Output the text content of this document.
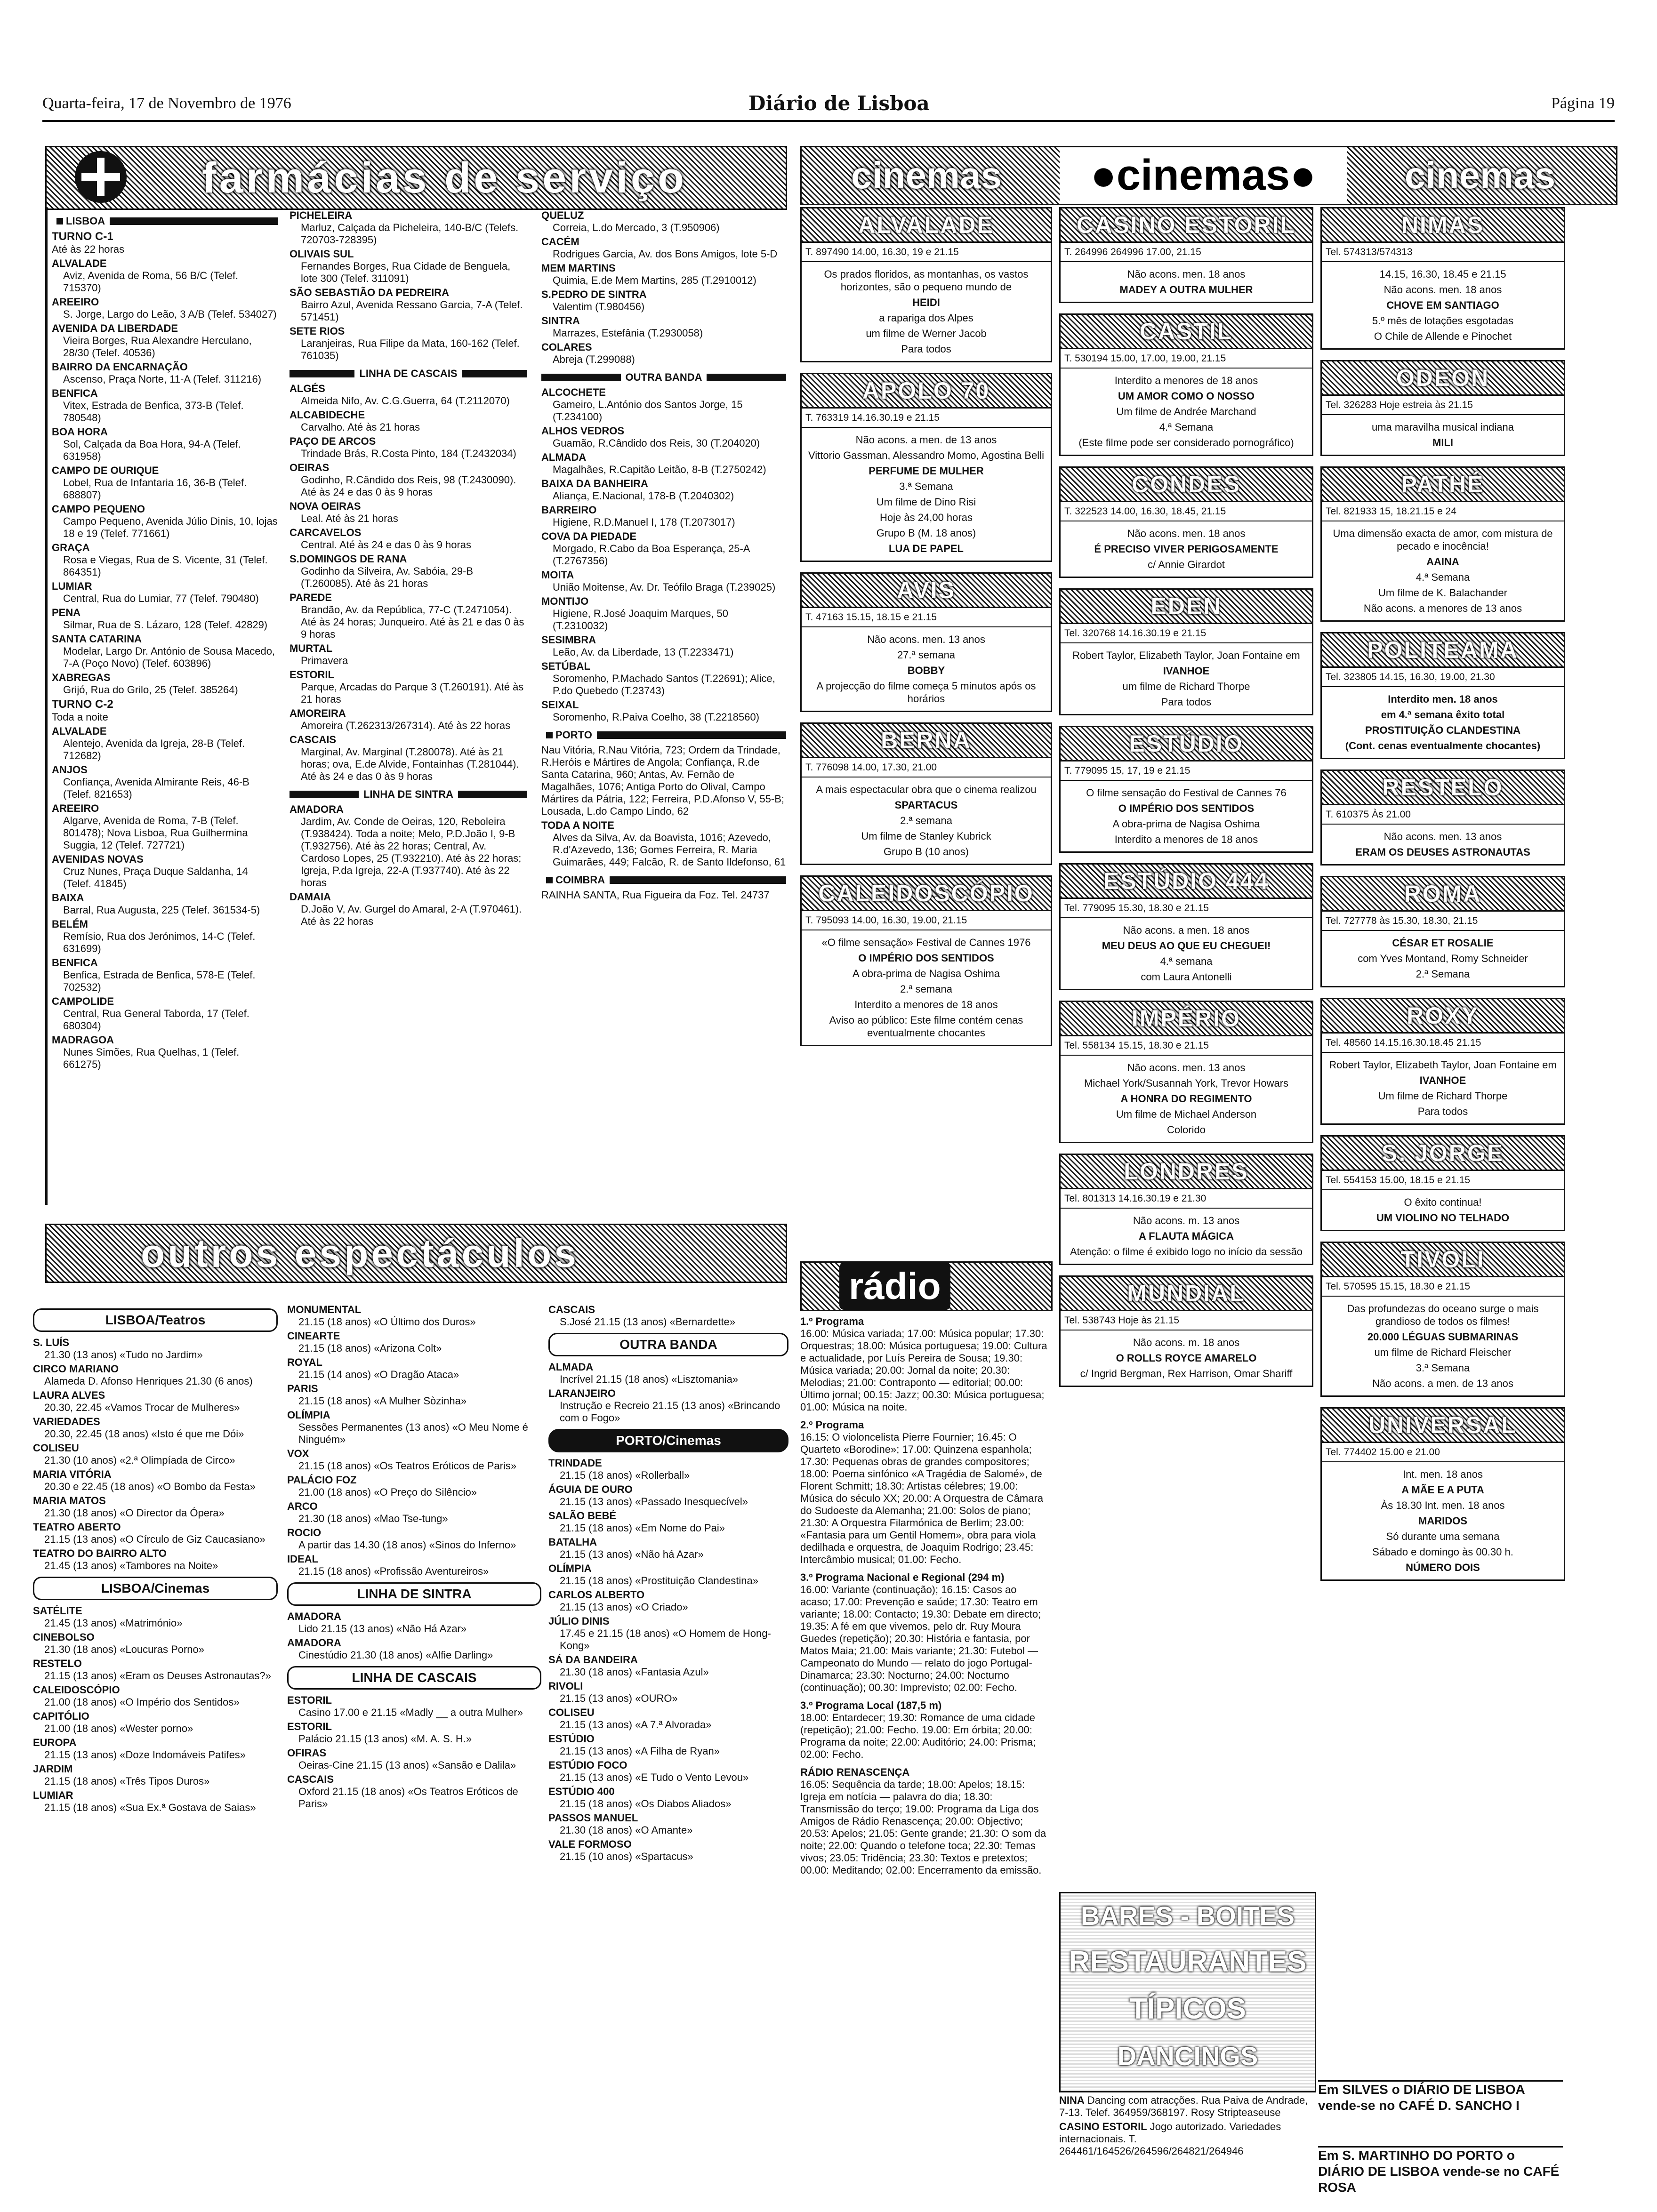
Quarta-feira, 17 de Novembro de 1976	Diário de Lisboa	Página 19
farmácias de serviço
LISBOA
TURNO C-1
Até às 22 horas
ALVALADE
Aviz, Avenida de Roma, 56 B/C (Telef. 715370)
AREEIRO
S. Jorge, Largo do Leão, 3 A/B (Telef. 534027)
AVENIDA DA LIBERDADE
Vieira Borges, Rua Alexandre Herculano, 28/30 (Telef. 40536)
BAIRRO DA ENCARNAÇÃO
Ascenso, Praça Norte, 11-A (Telef. 311216)
BENFICA
Vitex, Estrada de Benfica, 373-B (Telef. 780548)
BOA HORA
Sol, Calçada da Boa Hora, 94-A (Telef. 631958)
CAMPO DE OURIQUE
Lobel, Rua de Infantaria 16, 36-B (Telef. 688807)
CAMPO PEQUENO
Campo Pequeno, Avenida Júlio Dinis, 10, lojas 18 e 19 (Telef. 771661)
GRAÇA
Rosa e Viegas, Rua de S. Vicente, 31 (Telef. 864351)
LUMIAR
Central, Rua do Lumiar, 77 (Telef. 790480)
PENA
Silmar, Rua de S. Lázaro, 128 (Telef. 42829)
SANTA CATARINA
Modelar, Largo Dr. António de Sousa Macedo, 7-A (Poço Novo) (Telef. 603896)
XABREGAS
Grijó, Rua do Grilo, 25 (Telef. 385264)
TURNO C-2
Toda a noite
ALVALADE
Alentejo, Avenida da Igreja, 28-B (Telef. 712682)
ANJOS
Confiança, Avenida Almirante Reis, 46-B (Telef. 821653)
AREEIRO
Algarve, Avenida de Roma, 7-B (Telef. 801478); Nova Lisboa, Rua Guilhermina Suggia, 12 (Telef. 727721)
AVENIDAS NOVAS
Cruz Nunes, Praça Duque Saldanha, 14 (Telef. 41845)
BAIXA
Barral, Rua Augusta, 225 (Telef. 361534-5)
BELÉM
Remísio, Rua dos Jerónimos, 14-C (Telef. 631699)
BENFICA
Benfica, Estrada de Benfica, 578-E (Telef. 702532)
CAMPOLIDE
Central, Rua General Taborda, 17 (Telef. 680304)
MADRAGOA
Nunes Simões, Rua Quelhas, 1 (Telef. 661275)
PICHELEIRA
Marluz, Calçada da Picheleira, 140-B/C (Telefs. 720703-728395)
OLIVAIS SUL
Fernandes Borges, Rua Cidade de Benguela, lote 300 (Telef. 311091)
SÃO SEBASTIÃO DA PEDREIRA
Bairro Azul, Avenida Ressano Garcia, 7-A (Telef. 571451)
SETE RIOS
Laranjeiras, Rua Filipe da Mata, 160-162 (Telef. 761035)
LINHA DE CASCAIS
ALGÉS
Almeida Nifo, Av. C.G.Guerra, 64 (T.2112070)
ALCABIDECHE
Carvalho. Até às 21 horas
PAÇO DE ARCOS
Trindade Brás, R.Costa Pinto, 184 (T.2432034)
OEIRAS
Godinho, R.Cândido dos Reis, 98 (T.2430090). Até às 24 e das 0 às 9 horas
NOVA OEIRAS
Leal. Até às 21 horas
CARCAVELOS
Central. Até às 24 e das 0 às 9 horas
S.DOMINGOS DE RANA
Godinho da Silveira, Av. Sabóia, 29-B (T.260085). Até às 21 horas
PAREDE
Brandão, Av. da República, 77-C (T.2471054). Até às 24 horas; Junqueiro. Até às 21 e das 0 às 9 horas
MURTAL
Primavera
ESTORIL
Parque, Arcadas do Parque 3 (T.260191). Até às 21 horas
AMOREIRA
Amoreira (T.262313/267314). Até às 22 horas
CASCAIS
Marginal, Av. Marginal (T.280078). Até às 21 horas; ova, E.de Alvide, Fontainhas (T.281044). Até às 24 e das 0 às 9 horas
LINHA DE SINTRA
AMADORA
Jardim, Av. Conde de Oeiras, 120, Reboleira (T.938424). Toda a noite; Melo, P.D.João I, 9-B (T.932756). Até às 22 horas; Central, Av. Cardoso Lopes, 25 (T.932210). Até às 22 horas; Igreja, P.da Igreja, 22-A (T.937740). Até às 22 horas
DAMAIA
D.João V, Av. Gurgel do Amaral, 2-A (T.970461). Até às 22 horas
QUELUZ
Correia, L.do Mercado, 3 (T.950906)
CACÉM
Rodrigues Garcia, Av. dos Bons Amigos, lote 5-D
MEM MARTINS
Quimia, E.de Mem Martins, 285 (T.2910012)
S.PEDRO DE SINTRA
Valentim (T.980456)
SINTRA
Marrazes, Estefânia (T.2930058)
COLARES
Abreja (T.299088)
OUTRA BANDA
ALCOCHETE
Gameiro, L.António dos Santos Jorge, 15 (T.234100)
ALHOS VEDROS
Guamão, R.Cândido dos Reis, 30 (T.204020)
ALMADA
Magalhães, R.Capitão Leitão, 8-B (T.2750242)
BAIXA DA BANHEIRA
Aliança, E.Nacional, 178-B (T.2040302)
BARREIRO
Higiene, R.D.Manuel I, 178 (T.2073017)
COVA DA PIEDADE
Morgado, R.Cabo da Boa Esperança, 25-A (T.2767356)
MOITA
União Moitense, Av. Dr. Teófilo Braga (T.239025)
MONTIJO
Higiene, R.José Joaquim Marques, 50 (T.2310032)
SESIMBRA
Leão, Av. da Liberdade, 13 (T.2233471)
SETÚBAL
Soromenho, P.Machado Santos (T.22691); Alice, P.do Quebedo (T.23743)
SEIXAL
Soromenho, R.Paiva Coelho, 38 (T.2218560)
PORTO
Nau Vitória, R.Nau Vitória, 723; Ordem da Trindade, R.Heróis e Mártires de Angola; Confiança, R.de Santa Catarina, 960; Antas, Av. Fernão de Magalhães, 1076; Antiga Porto do Olival, Campo Mártires da Pátria, 122; Ferreira, P.D.Afonso V, 55-B; Lousada, L.do Campo Lindo, 62
TODA A NOITE
Alves da Silva, Av. da Boavista, 1016; Azevedo, R.d'Azevedo, 136; Gomes Ferreira, R. Maria Guimarães, 449; Falcão, R. de Santo Ildefonso, 61
COIMBRA
RAINHA SANTA, Rua Figueira da Foz. Tel. 24737
outros espectáculos
LISBOA/Teatros
S. LUÍS
21.30 (13 anos) «Tudo no Jardim»
CIRCO MARIANO
Alameda D. Afonso Henriques 21.30 (6 anos)
LAURA ALVES
20.30, 22.45 «Vamos Trocar de Mulheres»
VARIEDADES
20.30, 22.45 (18 anos) «Isto é que me Dói»
COLISEU
21.30 (10 anos) «2.ª Olimpíada de Circo»
MARIA VITÓRIA
20.30 e 22.45 (18 anos) «O Bombo da Festa»
MARIA MATOS
21.30 (18 anos) «O Director da Ópera»
TEATRO ABERTO
21.15 (13 anos) «O Círculo de Giz Caucasiano»
TEATRO DO BAIRRO ALTO
21.45 (13 anos) «Tambores na Noite»
LISBOA/Cinemas
SATÉLITE
21.45 (13 anos) «Matrimónio»
CINEBOLSO
21.30 (18 anos) «Loucuras Porno»
RESTELO
21.15 (13 anos) «Eram os Deuses Astronautas?»
CALEIDOSCÓPIO
21.00 (18 anos) «O Império dos Sentidos»
CAPITÓLIO
21.00 (18 anos) «Wester porno»
EUROPA
21.15 (13 anos) «Doze Indomáveis Patifes»
JARDIM
21.15 (18 anos) «Três Tipos Duros»
LUMIAR
21.15 (18 anos) «Sua Ex.ª Gostava de Saias»
MONUMENTAL
21.15 (18 anos) «O Último dos Duros»
CINEARTE
21.15 (18 anos) «Arizona Colt»
ROYAL
21.15 (14 anos) «O Dragão Ataca»
PARIS
21.15 (18 anos) «A Mulher Sòzinha»
OLÍMPIA
Sessões Permanentes (13 anos) «O Meu Nome é Ninguém»
VOX
21.15 (18 anos) «Os Teatros Eróticos de Paris»
PALÁCIO FOZ
21.00 (18 anos) «O Preço do Silêncio»
ARCO
21.30 (18 anos) «Mao Tse-tung»
ROCIO
A partir das 14.30 (18 anos) «Sinos do Inferno»
IDEAL
21.15 (18 anos) «Profissão Aventureiros»
LINHA DE SINTRA
AMADORA
Lido 21.15 (13 anos) «Não Há Azar»
AMADORA
Cinestúdio 21.30 (18 anos) «Alfie Darling»
LINHA DE CASCAIS
ESTORIL
Casino 17.00 e 21.15 «Madly __ a outra Mulher»
ESTORIL
Palácio 21.15 (13 anos) «M. A. S. H.»
OFIRAS
Oeiras-Cine 21.15 (13 anos) «Sansão e Dalila»
CASCAIS
Oxford 21.15 (18 anos) «Os Teatros Eróticos de Paris»
CASCAIS
S.José 21.15 (13 anos) «Bernardette»
OUTRA BANDA
ALMADA
Incrível 21.15 (18 anos) «Lisztomania»
LARANJEIRO
Instrução e Recreio 21.15 (13 anos) «Brincando com o Fogo»
PORTO/Cinemas
TRINDADE
21.15 (18 anos) «Rollerball»
ÁGUIA DE OURO
21.15 (13 anos) «Passado Inesquecível»
SALÃO BEBÉ
21.15 (18 anos) «Em Nome do Pai»
BATALHA
21.15 (13 anos) «Não há Azar»
OLÍMPIA
21.15 (18 anos) «Prostituição Clandestina»
CARLOS ALBERTO
21.15 (13 anos) «O Criado»
JÚLIO DINIS
17.45 e 21.15 (18 anos) «O Homem de Hong-Kong»
SÁ DA BANDEIRA
21.30 (18 anos) «Fantasia Azul»
RIVOLI
21.15 (13 anos) «OURO»
COLISEU
21.15 (13 anos) «A 7.ª Alvorada»
ESTÚDIO
21.15 (13 anos) «A Filha de Ryan»
ESTÚDIO FOCO
21.15 (13 anos) «E Tudo o Vento Levou»
ESTÚDIO 400
21.15 (18 anos) «Os Diabos Aliados»
PASSOS MANUEL
21.30 (18 anos) «O Amante»
VALE FORMOSO
21.15 (10 anos) «Spartacus»
cinemas	●cinemas●	cinemas
ALVALADE
T. 897490 14.00, 16.30, 19 e 21.15

Os prados floridos, as montanhas, os vastos horizontes, são o pequeno mundo de

HEIDI

a rapariga dos Alpes

um filme de Werner Jacob

Para todos

APOLO 70
T. 763319 14.16.30.19 e 21.15

Não acons. a men. de 13 anos

Vittorio Gassman, Alessandro Momo, Agostina Belli

PERFUME DE MULHER

3.ª Semana

Um filme de Dino Risi

Hoje às 24,00 horas

Grupo B (M. 18 anos)

LUA DE PAPEL

AVIS
T. 47163 15.15, 18.15 e 21.15

Não acons. men. 13 anos

27.ª semana

BOBBY

A projecção do filme começa 5 minutos após os horários

BERNA
T. 776098 14.00, 17.30, 21.00

A mais espectacular obra que o cinema realizou

SPARTACUS

2.ª semana

Um filme de Stanley Kubrick

Grupo B (10 anos)

CALEIDOSCÓPIO
T. 795093 14.00, 16.30, 19.00, 21.15

«O filme sensação» Festival de Cannes 1976

O IMPÉRIO DOS SENTIDOS

A obra-prima de Nagisa Oshima

2.ª semana

Interdito a menores de 18 anos

Aviso ao público: Este filme contém cenas eventualmente chocantes

CASINO ESTORIL
T. 264996 264996 17.00, 21.15

Não acons. men. 18 anos

MADEY A OUTRA MULHER

CASTIL
T. 530194 15.00, 17.00, 19.00, 21.15

Interdito a menores de 18 anos

UM AMOR COMO O NOSSO

Um filme de Andrée Marchand

4.ª Semana

(Este filme pode ser considerado pornográfico)

CONDES
T. 322523 14.00, 16.30, 18.45, 21.15

Não acons. men. 18 anos

É PRECISO VIVER PERIGOSAMENTE

c/ Annie Girardot

EDEN
Tel. 320768 14.16.30.19 e 21.15

Robert Taylor, Elizabeth Taylor, Joan Fontaine em

IVANHOE

um filme de Richard Thorpe

Para todos

ESTÚDIO
T. 779095 15, 17, 19 e 21.15

O filme sensação do Festival de Cannes 76

O IMPÉRIO DOS SENTIDOS

A obra-prima de Nagisa Oshima

Interdito a menores de 18 anos

ESTÚDIO 444
Tel. 779095 15.30, 18.30 e 21.15

Não acons. a men. 18 anos

MEU DEUS AO QUE EU CHEGUEI!

4.ª semana

com Laura Antonelli

IMPÉRIO
Tel. 558134 15.15, 18.30 e 21.15

Não acons. men. 13 anos

Michael York/Susannah York, Trevor Howars

A HONRA DO REGIMENTO

Um filme de Michael Anderson

Colorido

LONDRES
Tel. 801313 14.16.30.19 e 21.30

Não acons. m. 13 anos

A FLAUTA MÁGICA

Atenção: o filme é exibido logo no início da sessão

MUNDIAL
Tel. 538743 Hoje às 21.15

Não acons. m. 18 anos

O ROLLS ROYCE AMARELO

c/ Ingrid Bergman, Rex Harrison, Omar Shariff

NIMAS
Tel. 574313/574313

14.15, 16.30, 18.45 e 21.15

Não acons. men. 18 anos

CHOVE EM SANTIAGO

5.º mês de lotações esgotadas

O Chile de Allende e Pinochet

ODEON
Tel. 326283 Hoje estreia às 21.15

uma maravilha musical indiana

MILI

PATHÉ
Tel. 821933 15, 18.21.15 e 24

Uma dimensão exacta de amor, com mistura de pecado e inocência!

AAINA

4.ª Semana

Um filme de K. Balachander

Não acons. a menores de 13 anos

POLITEAMA
Tel. 323805 14.15, 16.30, 19.00, 21.30

Interdito men. 18 anos

em 4.ª semana êxito total

PROSTITUIÇÃO CLANDESTINA

(Cont. cenas eventualmente chocantes)

RESTELO
T. 610375 Às 21.00

Não acons. men. 13 anos

ERAM OS DEUSES ASTRONAUTAS

ROMA
Tel. 727778 às 15.30, 18.30, 21.15

CÉSAR ET ROSALIE

com Yves Montand, Romy Schneider

2.ª Semana

ROXY
Tel. 48560 14.15.16.30.18.45 21.15

Robert Taylor, Elizabeth Taylor, Joan Fontaine em

IVANHOE

Um filme de Richard Thorpe

Para todos

S. JORGE
Tel. 554153 15.00, 18.15 e 21.15

O êxito continua!

UM VIOLINO NO TELHADO

TIVOLI
Tel. 570595 15.15, 18.30 e 21.15

Das profundezas do oceano surge o mais grandioso de todos os filmes!

20.000 LÉGUAS SUBMARINAS

um filme de Richard Fleischer

3.ª Semana

Não acons. a men. de 13 anos

UNIVERSAL
Tel. 774402 15.00 e 21.00

Int. men. 18 anos

A MÃE E A PUTA

Às 18.30 Int. men. 18 anos

MARIDOS

Só durante uma semana

Sábado e domingo às 00.30 h.

NÚMERO DOIS

rádio
1.º Programa

16.00: Música variada; 17.00: Música popular; 17.30: Orquestras; 18.00: Música portuguesa; 19.00: Cultura e actualidade, por Luís Pereira de Sousa; 19.30: Música variada; 20.00: Jornal da noite; 20.30: Melodias; 21.00: Contraponto — editorial; 00.00: Último jornal; 00.15: Jazz; 00.30: Música portuguesa; 01.00: Música na noite.

2.º Programa

16.15: O violoncelista Pierre Fournier; 16.45: O Quarteto «Borodine»; 17.00: Quinzena espanhola; 17.30: Pequenas obras de grandes compositores; 18.00: Poema sinfónico «A Tragédia de Salomé», de Florent Schmitt; 18.30: Artistas célebres; 19.00: Música do século XX; 20.00: A Orquestra de Câmara do Sudoeste da Alemanha; 21.00: Solos de piano; 21.30: A Orquestra Filarmónica de Berlim; 23.00: «Fantasia para um Gentil Homem», obra para viola dedilhada e orquestra, de Joaquim Rodrigo; 23.45: Intercâmbio musical; 01.00: Fecho.

3.º Programa Nacional e Regional (294 m)

16.00: Variante (continuação); 16.15: Casos ao acaso; 17.00: Prevenção e saúde; 17.30: Teatro em variante; 18.00: Contacto; 19.30: Debate em directo; 19.35: A fé em que vivemos, pelo dr. Ruy Moura Guedes (repetição); 20.30: História e fantasia, por Matos Maia; 21.00: Mais variante; 21.30: Futebol — Campeonato do Mundo — relato do jogo Portugal-Dinamarca; 23.30: Nocturno; 24.00: Nocturno (continuação); 00.30: Imprevisto; 02.00: Fecho.

3.º Programa Local (187,5 m)

18.00: Entardecer; 19.30: Romance de uma cidade (repetição); 21.00: Fecho. 19.00: Em órbita; 20.00: Programa da noite; 22.00: Auditório; 24.00: Prisma; 02.00: Fecho.

RÁDIO RENASCENÇA

16.05: Sequência da tarde; 18.00: Apelos; 18.15: Igreja em notícia — palavra do dia; 18.30: Transmissão do terço; 19.00: Programa da Liga dos Amigos de Rádio Renascença; 20.00: Objectivo; 20.53: Apelos; 21.05: Gente grande; 21.30: O som da noite; 22.00: Quando o telefone toca; 22.30: Temas vivos; 23.05: Tridência; 23.30: Textos e pretextos; 00.00: Meditando; 02.00: Encerramento da emissão.

BARES - BOITES
RESTAURANTES
TÍPICOS
DANCINGS
NINA Dancing com atracções. Rua Paiva de Andrade, 7-13. Telef. 364959/368197. Rosy Stripteaseuse
CASINO ESTORIL Jogo autorizado. Variedades internacionais. T. 264461/164526/264596/264821/264946
Em SILVES o DIÁRIO DE LISBOA vende-se no CAFÉ D. SANCHO I
Em S. MARTINHO DO PORTO o DIÁRIO DE LISBOA vende-se no CAFÉ ROSA
